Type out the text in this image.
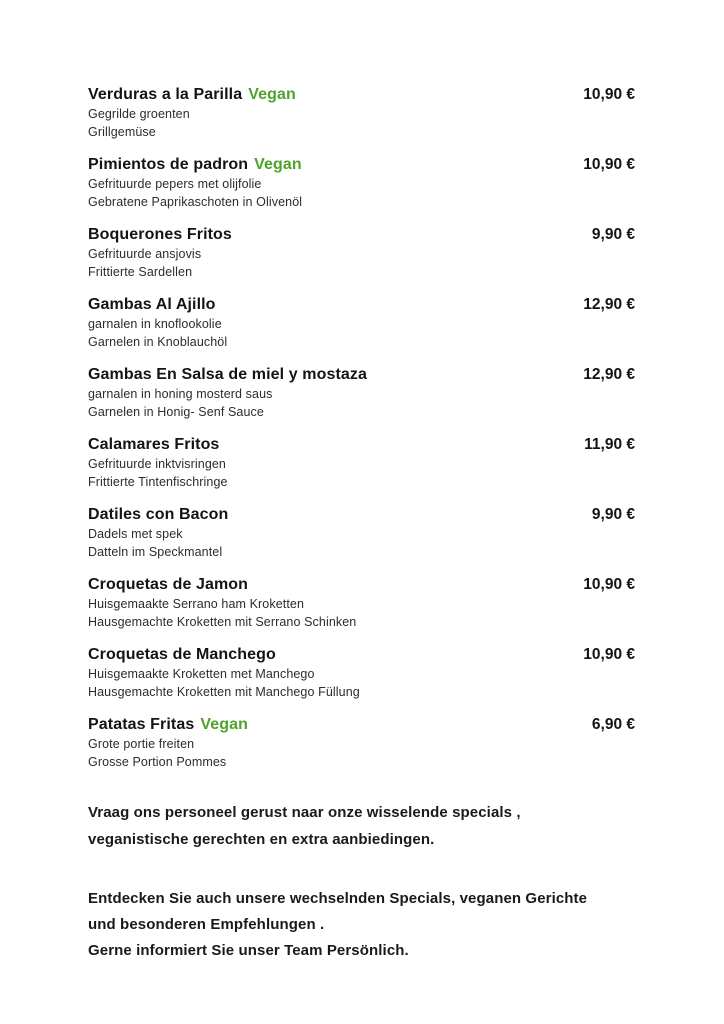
Verduras a la Parilla Vegan	10,90 €
Gegrilde groenten
Grillgemüse
Pimientos de padron Vegan	10,90 €
Gefrituurde pepers met olijfolie
Gebratene Paprikaschoten in Olivenöl
Boquerones Fritos	9,90 €
Gefrituurde ansjovis
Frittierte Sardellen
Gambas Al Ajillo	12,90 €
garnalen in knoflookolie
Garnelen in Knoblauchöl
Gambas En Salsa de miel y mostaza	12,90 €
garnalen in honing mosterd saus
Garnelen in Honig- Senf Sauce
Calamares Fritos	11,90 €
Gefrituurde inktvisringen
Frittierte Tintenfischringe
Datiles con Bacon	9,90 €
Dadels met spek
Datteln im Speckmantel
Croquetas de Jamon	10,90 €
Huisgemaakte Serrano ham Kroketten
Hausgemachte Kroketten mit Serrano Schinken
Croquetas de Manchego	10,90 €
Huisgemaakte Kroketten met Manchego
Hausgemachte Kroketten mit Manchego Füllung
Patatas Fritas Vegan	6,90 €
Grote portie freiten
Grosse Portion Pommes
Vraag ons personeel gerust naar onze wisselende specials ,
veganistische gerechten en extra aanbiedingen.
Entdecken Sie auch unsere wechselnden Specials, veganen Gerichte
und besonderen Empfehlungen .
Gerne informiert Sie unser Team Persönlich.
